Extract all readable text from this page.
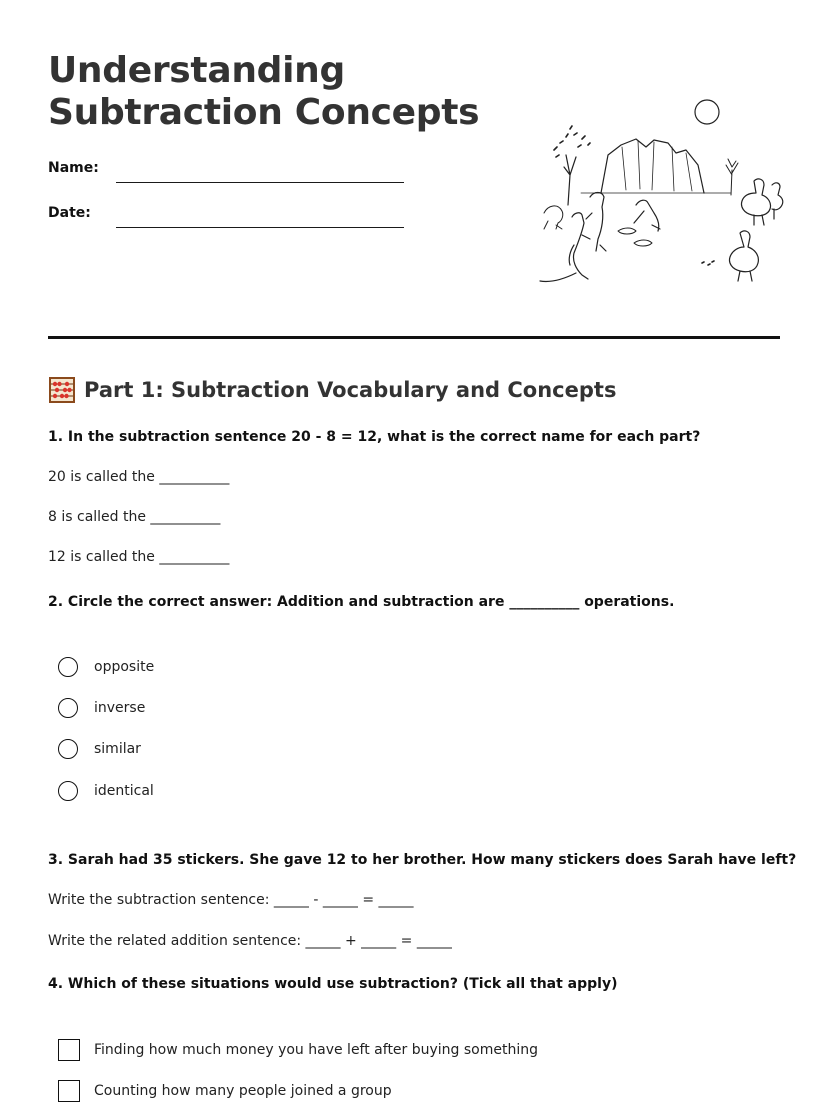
Understanding Subtraction Concepts
Name:
Date:
Part 1: Subtraction Vocabulary and Concepts
1. In the subtraction sentence 20 - 8 = 12, what is the correct name for each part?
20 is called the __________
8 is called the __________
12 is called the __________
2. Circle the correct answer: Addition and subtraction are __________ operations.
opposite
inverse
similar
identical
3. Sarah had 35 stickers. She gave 12 to her brother. How many stickers does Sarah have left?
Write the subtraction sentence: _____ - _____ = _____
Write the related addition sentence: _____ + _____ = _____
4. Which of these situations would use subtraction? (Tick all that apply)
Finding how much money you have left after buying something
Counting how many people joined a group
